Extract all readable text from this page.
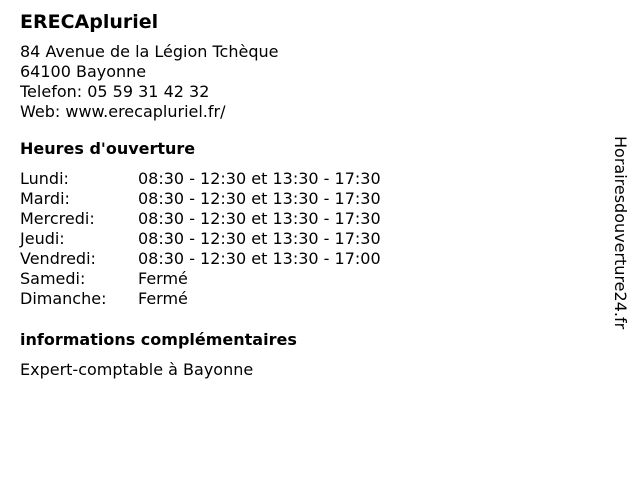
ERECApluriel
84 Avenue de la Légion Tchèque
64100 Bayonne
Telefon: 05 59 31 42 32
Web: www.erecapluriel.fr/
Heures d'ouverture
Lundi:	08:30 - 12:30 et 13:30 - 17:30
Mardi:	08:30 - 12:30 et 13:30 - 17:30
Mercredi:	08:30 - 12:30 et 13:30 - 17:30
Jeudi:	08:30 - 12:30 et 13:30 - 17:30
Vendredi:	08:30 - 12:30 et 13:30 - 17:00
Samedi:	Fermé
Dimanche:	Fermé
informations complémentaires
Expert-comptable à Bayonne
Horairesdouverture24.fr
